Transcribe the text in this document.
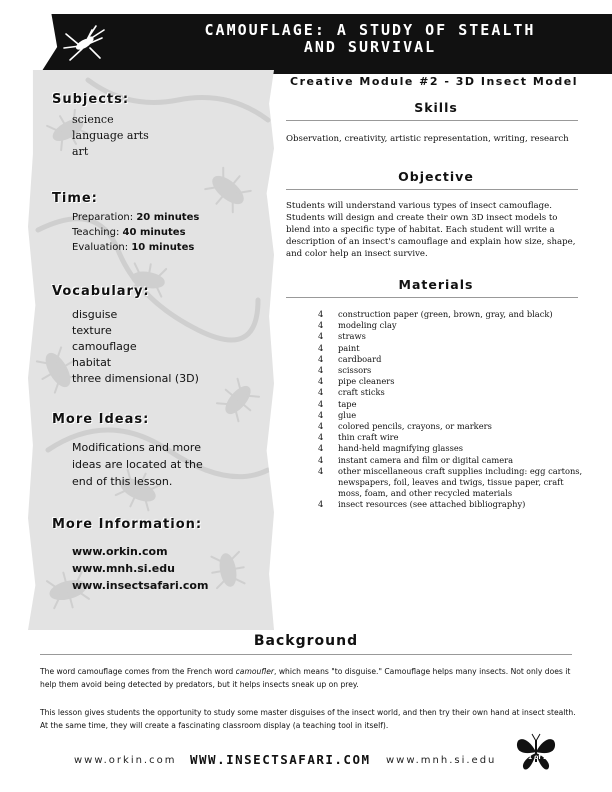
CAMOUFLAGE: A STUDY OF STEALTH
AND SURVIVAL
Subjects:
science
language arts
art
Time:
Preparation: 20 minutes
Teaching: 40 minutes
Evaluation: 10 minutes
Vocabulary:
disguise
texture
camouflage
habitat
three dimensional (3D)
More Ideas:
Modifications and more
ideas are located at the
end of this lesson.
More Information:
www.orkin.com
www.mnh.si.edu
www.insectsafari.com
Creative Module #2 - 3D Insect Model
Skills
Observation, creativity, artistic representation, writing, research
Objective
Students will understand various types of insect camouflage. Students will design and create their own 3D insect models to blend into a specific type of habitat. Each student will write a description of an insect's camouflage and explain how size, shape, and color help an insect survive.
Materials
4 construction paper (green, brown, gray, and black)
4 modeling clay
4 straws
4 paint
4 cardboard
4 scissors
4 pipe cleaners
4 craft sticks
4 tape
4 glue
4 colored pencils, crayons, or markers
4 thin craft wire
4 hand-held magnifying glasses
4 instant camera and film or digital camera
4 other miscellaneous craft supplies including: egg cartons, newspapers, foil, leaves and twigs, tissue paper, craft moss, foam, and other recycled materials
4 insect resources (see attached bibliography)
Background
The word camouflage comes from the French word camoufler, which means "to disguise." Camouflage helps many insects. Not only does it help them avoid being detected by predators, but it helps insects sneak up on prey.
This lesson gives students the opportunity to study some master disguises of the insect world, and then try their own hand at insect stealth. At the same time, they will create a fascinating classroom display (a teaching tool in itself).
www.orkin.com WWW.INSECTSAFARI.COM www.mnh.si.edu	1 of 2
